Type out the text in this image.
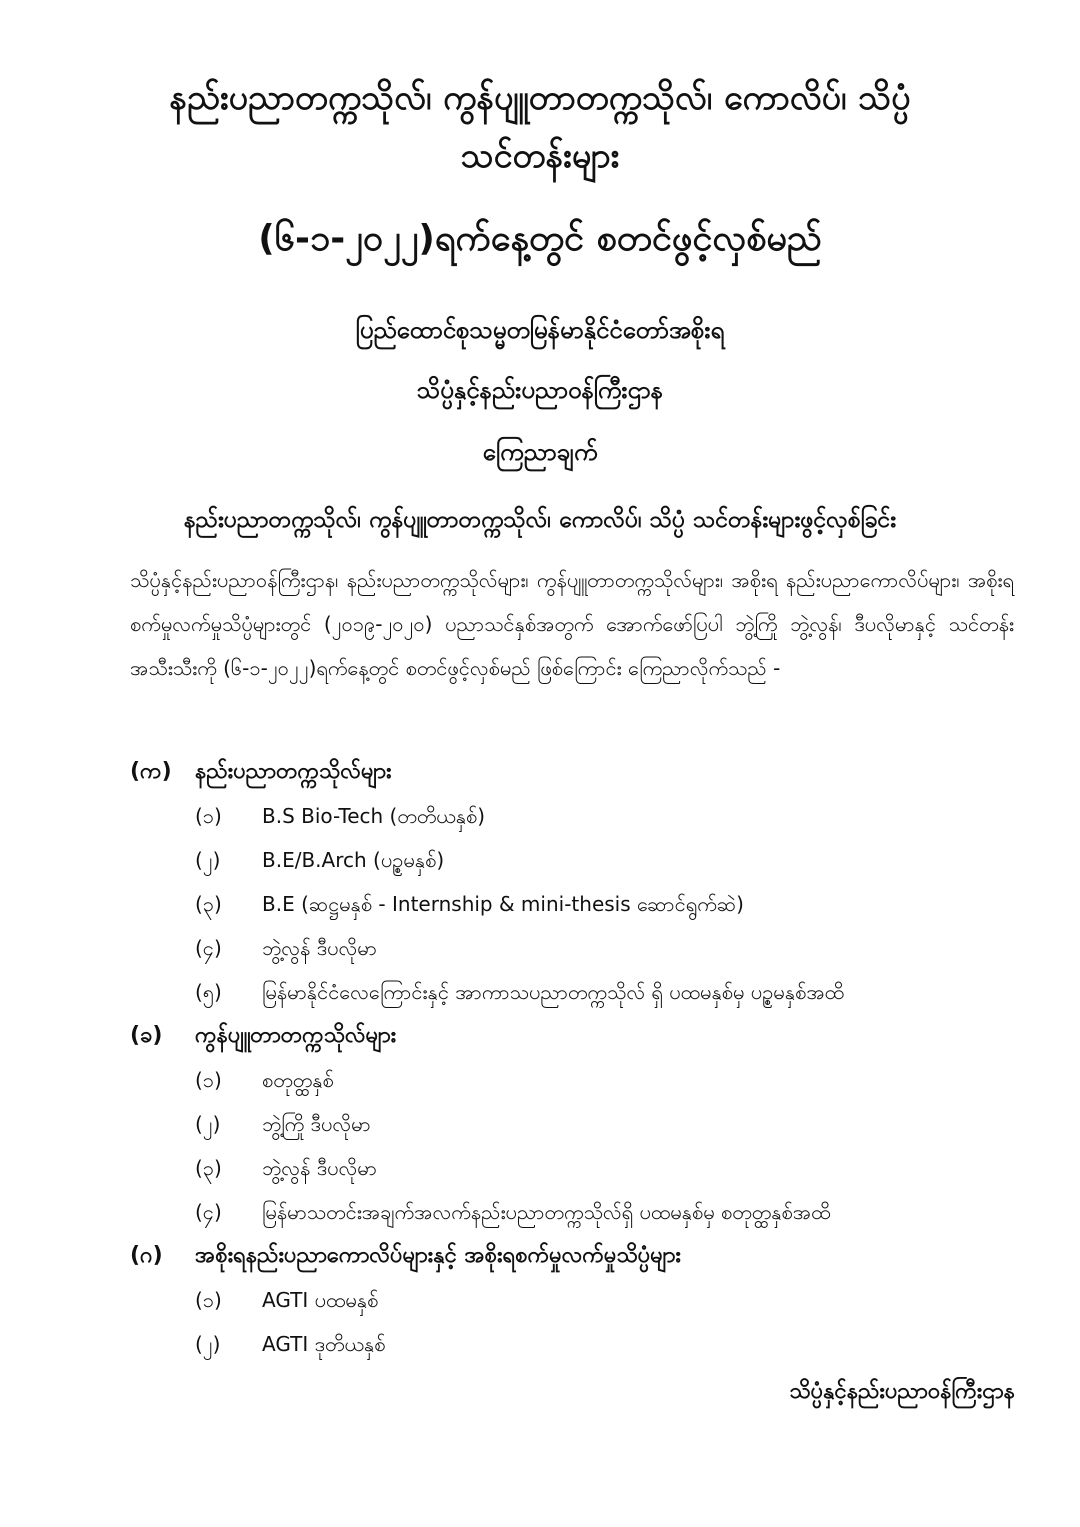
နည်းပညာတက္ကသိုလ်၊ ကွန်ပျူတာတက္ကသိုလ်၊ ကောလိပ်၊ သိပ္ပံ
သင်တန်းများ
(၆-၁-၂၀၂၂)ရက်နေ့တွင် စတင်ဖွင့်လှစ်မည်

ပြည်ထောင်စုသမ္မတမြန်မာနိုင်ငံတော်အစိုးရ

သိပ္ပံနှင့်နည်းပညာဝန်ကြီးဌာန

ကြေညာချက်

နည်းပညာတက္ကသိုလ်၊ ကွန်ပျူတာတက္ကသိုလ်၊ ကောလိပ်၊ သိပ္ပံ သင်တန်းများဖွင့်လှစ်ခြင်း

သိပ္ပံနှင့်နည်းပညာဝန်ကြီးဌာန၊ နည်းပညာတက္ကသိုလ်များ၊ ကွန်ပျူတာတက္ကသိုလ်များ၊ အစိုးရ နည်းပညာကောလိပ်များ၊ အစိုးရစက်မှုလက်မှုသိပ္ပံများတွင် (၂၀၁၉-၂၀၂၀) ပညာသင်နှစ်အတွက် အောက်ဖော်ပြပါ ဘွဲ့ကြို ဘွဲ့လွန်၊ ဒီပလိုမာနှင့် သင်တန်းအသီးသီးကို (၆-၁-၂၀၂၂)ရက်နေ့တွင် စတင်ဖွင့်လှစ်မည် ဖြစ်ကြောင်း ကြေညာလိုက်သည် -

(က)	နည်းပညာတက္ကသိုလ်များ
(၁)	B.S Bio-Tech (တတိယနှစ်)
(၂)	B.E/B.Arch (ပဥ္စမနှစ်)
(၃)	B.E (ဆဋ္ဌမနှစ် - Internship & mini-thesis ဆောင်ရွက်ဆဲ)
(၄)	ဘွဲ့လွန် ဒီပလိုမာ
(၅)	မြန်မာနိုင်ငံလေကြောင်းနှင့် အာကာသပညာတက္ကသိုလ် ရှိ ပထမနှစ်မှ ပဥ္စမနှစ်အထိ
(ခ)	ကွန်ပျူတာတက္ကသိုလ်များ
(၁)	စတုတ္ထနှစ်
(၂)	ဘွဲ့ကြို ဒီပလိုမာ
(၃)	ဘွဲ့လွန် ဒီပလိုမာ
(၄)	မြန်မာသတင်းအချက်အလက်နည်းပညာတက္ကသိုလ်ရှိ ပထမနှစ်မှ စတုတ္ထနှစ်အထိ
(ဂ)	အစိုးရနည်းပညာကောလိပ်များနှင့် အစိုးရစက်မှုလက်မှုသိပ္ပံများ
(၁)	AGTI ပထမနှစ်
(၂)	AGTI ဒုတိယနှစ်

သိပ္ပံနှင့်နည်းပညာဝန်ကြီးဌာန
